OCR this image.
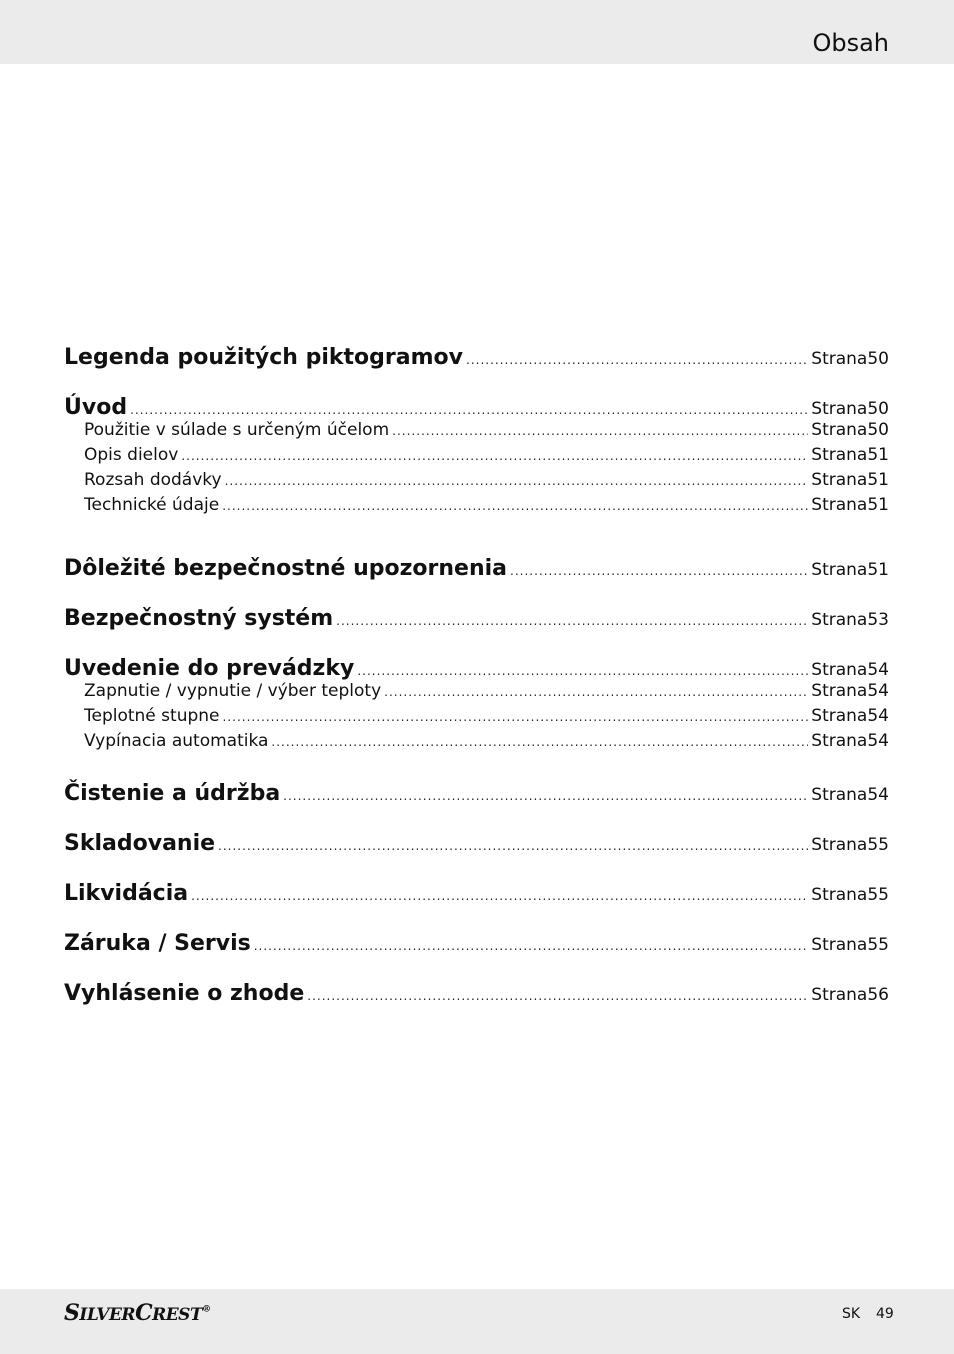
Obsah
Legenda použitých piktogramov .....	Strana 50
Úvod .....	Strana 50
Použitie v súlade s určeným účelom .....	Strana 50
Opis dielov .....	Strana 51
Rozsah dodávky .....	Strana 51
Technické údaje .....	Strana 51
Dôležité bezpečnostné upozornenia .....	Strana 51
Bezpečnostný systém .....	Strana 53
Uvedenie do prevádzky .....	Strana 54
Zapnutie / vypnutie / výber teploty .....	Strana 54
Teplotné stupne .....	Strana 54
Vypínacia automatika .....	Strana 54
Čistenie a údržba .....	Strana 54
Skladovanie .....	Strana 55
Likvidácia .....	Strana 55
Záruka / Servis .....	Strana 55
Vyhlásenie o zhode .....	Strana 56
SILVERCREST®	SK 49
